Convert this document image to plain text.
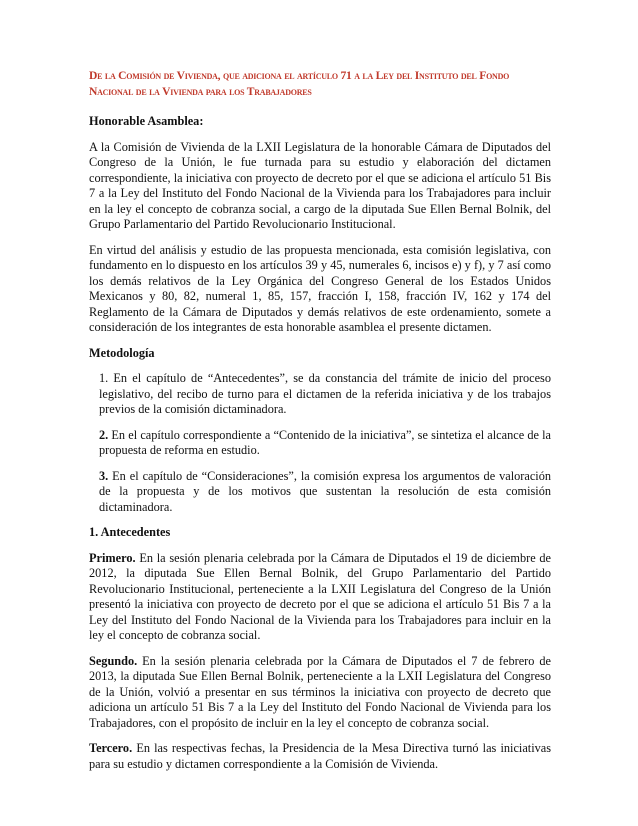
De la Comisión de Vivienda, que adiciona el artículo 71 a la Ley del Instituto del Fondo Nacional de la Vivienda para los Trabajadores
Honorable Asamblea:

A la Comisión de Vivienda de la LXII Legislatura de la honorable Cámara de Diputados del Congreso de la Unión, le fue turnada para su estudio y elaboración del dictamen correspondiente, la iniciativa con proyecto de decreto por el que se adiciona el artículo 51 Bis 7 a la Ley del Instituto del Fondo Nacional de la Vivienda para los Trabajadores para incluir en la ley el concepto de cobranza social, a cargo de la diputada Sue Ellen Bernal Bolnik, del Grupo Parlamentario del Partido Revolucionario Institucional.

En virtud del análisis y estudio de las propuesta mencionada, esta comisión legislativa, con fundamento en lo dispuesto en los artículos 39 y 45, numerales 6, incisos e) y f), y 7 así como los demás relativos de la Ley Orgánica del Congreso General de los Estados Unidos Mexicanos y 80, 82, numeral 1, 85, 157, fracción I, 158, fracción IV, 162 y 174 del Reglamento de la Cámara de Diputados y demás relativos de este ordenamiento, somete a consideración de los integrantes de esta honorable asamblea el presente dictamen.

Metodología

1. En el capítulo de “Antecedentes”, se da constancia del trámite de inicio del proceso legislativo, del recibo de turno para el dictamen de la referida iniciativa y de los trabajos previos de la comisión dictaminadora.

2. En el capítulo correspondiente a “Contenido de la iniciativa”, se sintetiza el alcance de la propuesta de reforma en estudio.

3. En el capítulo de “Consideraciones”, la comisión expresa los argumentos de valoración de la propuesta y de los motivos que sustentan la resolución de esta comisión dictaminadora.

1. Antecedentes

Primero. En la sesión plenaria celebrada por la Cámara de Diputados el 19 de diciembre de 2012, la diputada Sue Ellen Bernal Bolnik, del Grupo Parlamentario del Partido Revolucionario Institucional, perteneciente a la LXII Legislatura del Congreso de la Unión presentó la iniciativa con proyecto de decreto por el que se adiciona el artículo 51 Bis 7 a la Ley del Instituto del Fondo Nacional de la Vivienda para los Trabajadores para incluir en la ley el concepto de cobranza social.

Segundo. En la sesión plenaria celebrada por la Cámara de Diputados el 7 de febrero de 2013, la diputada Sue Ellen Bernal Bolnik, perteneciente a la LXII Legislatura del Congreso de la Unión, volvió a presentar en sus términos la iniciativa con proyecto de decreto que adiciona un artículo 51 Bis 7 a la Ley del Instituto del Fondo Nacional de Vivienda para los Trabajadores, con el propósito de incluir en la ley el concepto de cobranza social.

Tercero. En las respectivas fechas, la Presidencia de la Mesa Directiva turnó las iniciativas para su estudio y dictamen correspondiente a la Comisión de Vivienda.
